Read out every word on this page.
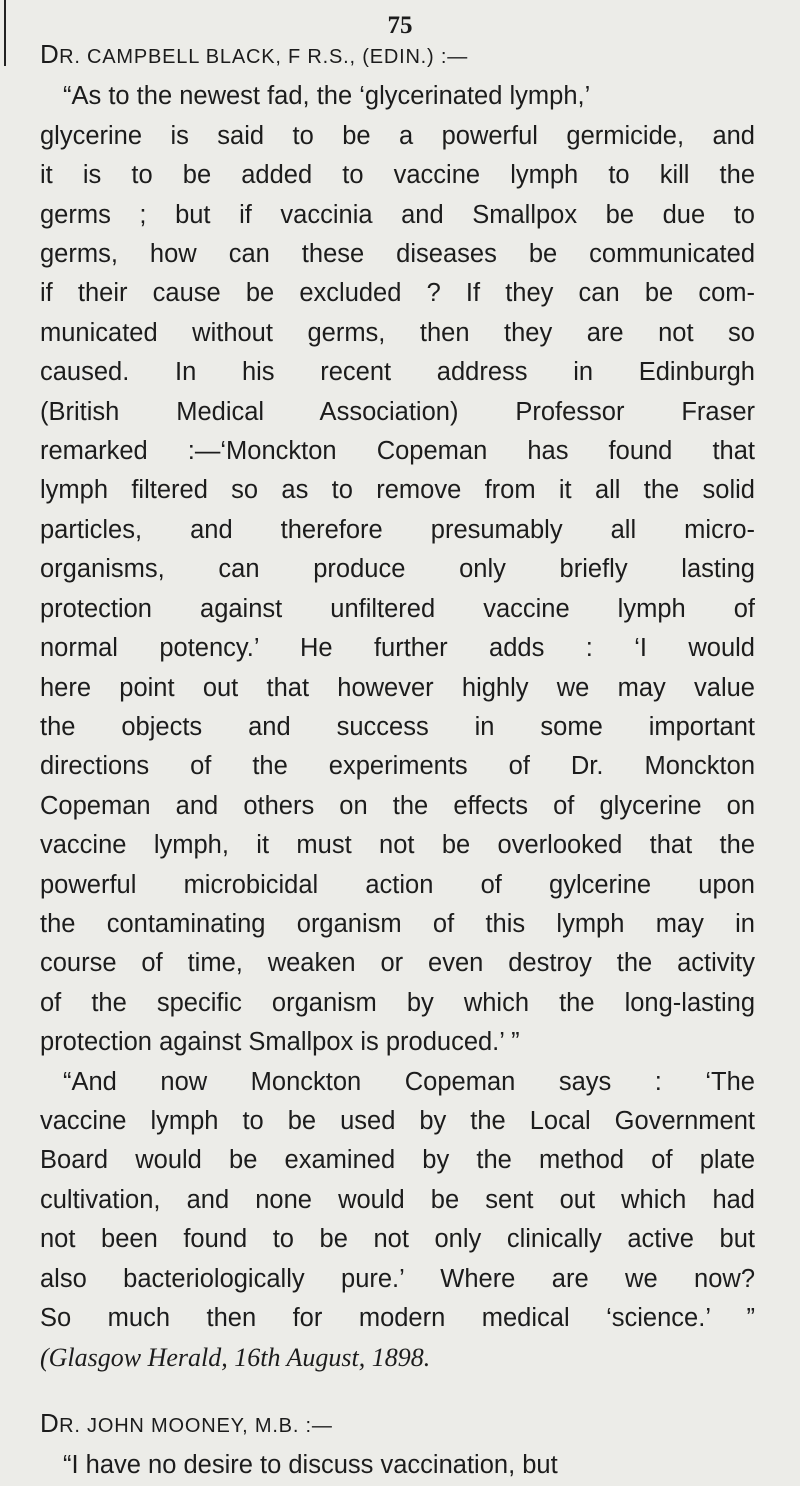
75
DR. CAMPBELL BLACK, F R.S., (EDIN.) :—
“As to the newest fad, the ‘glycerinated lymph,’
glycerine is said to be a powerful germicide, and
it is to be added to vaccine lymph to kill the
germs ; but if vaccinia and Smallpox be due to
germs, how can these diseases be communicated
if their cause be excluded ? If they can be com-
municated without germs, then they are not so
caused. In his recent address in Edinburgh
(British Medical Association) Professor Fraser
remarked :—‘Monckton Copeman has found that
lymph filtered so as to remove from it all the solid
particles, and therefore presumably all micro-
organisms, can produce only briefly lasting
protection against unfiltered vaccine lymph of
normal potency.’ He further adds : ‘I would
here point out that however highly we may value
the objects and success in some important
directions of the experiments of Dr. Monckton
Copeman and others on the effects of glycerine on
vaccine lymph, it must not be overlooked that the
powerful microbicidal action of gylcerine upon
the contaminating organism of this lymph may in
course of time, weaken or even destroy the activity
of the specific organism by which the long-lasting
protection against Smallpox is produced.’ ”
“And now Monckton Copeman says : ‘The
vaccine lymph to be used by the Local Government
Board would be examined by the method of plate
cultivation, and none would be sent out which had
not been found to be not only clinically active but
also bacteriologically pure.’ Where are we now?
So much then for modern medical ‘science.’ ”
(Glasgow Herald, 16th August, 1898.
DR. JOHN MOONEY, M.B. :—
“I have no desire to discuss vaccination, but
